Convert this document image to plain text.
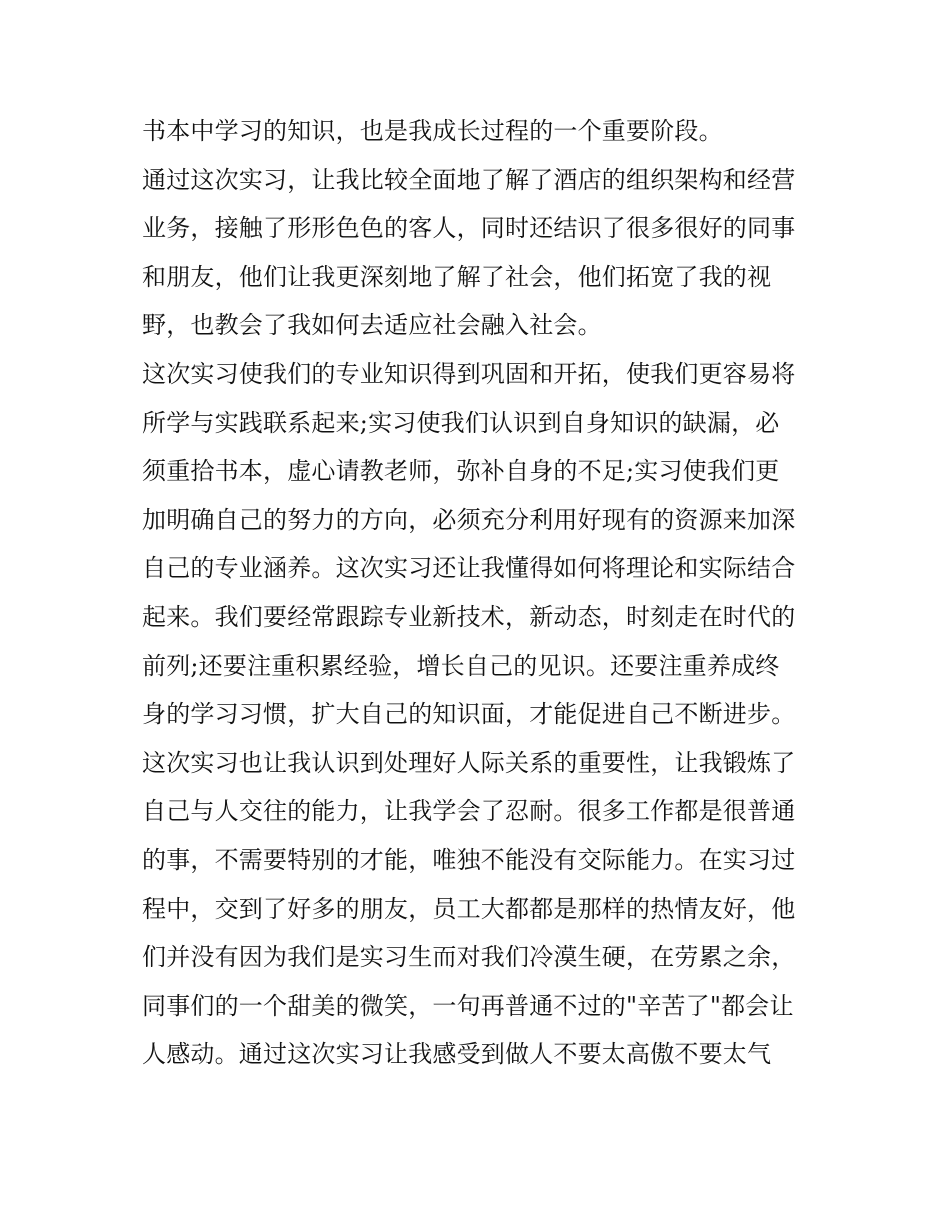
书本中学习的知识，也是我成长过程的一个重要阶段。
通过这次实习，让我比较全面地了解了酒店的组织架构和经营
业务，接触了形形色色的客人，同时还结识了很多很好的同事
和朋友，他们让我更深刻地了解了社会，他们拓宽了我的视
野，也教会了我如何去适应社会融入社会。
这次实习使我们的专业知识得到巩固和开拓，使我们更容易将
所学与实践联系起来;实习使我们认识到自身知识的缺漏，必
须重拾书本，虚心请教老师，弥补自身的不足;实习使我们更
加明确自己的努力的方向，必须充分利用好现有的资源来加深
自己的专业涵养。这次实习还让我懂得如何将理论和实际结合
起来。我们要经常跟踪专业新技术，新动态，时刻走在时代的
前列;还要注重积累经验，增长自己的见识。还要注重养成终
身的学习习惯，扩大自己的知识面，才能促进自己不断进步。
这次实习也让我认识到处理好人际关系的重要性，让我锻炼了
自己与人交往的能力，让我学会了忍耐。很多工作都是很普通
的事，不需要特别的才能，唯独不能没有交际能力。在实习过
程中，交到了好多的朋友，员工大都都是那样的热情友好，他
们并没有因为我们是实习生而对我们冷漠生硬，在劳累之余，
同事们的一个甜美的微笑，一句再普通不过的"辛苦了"都会让
人感动。通过这次实习让我感受到做人不要太高傲不要太气
